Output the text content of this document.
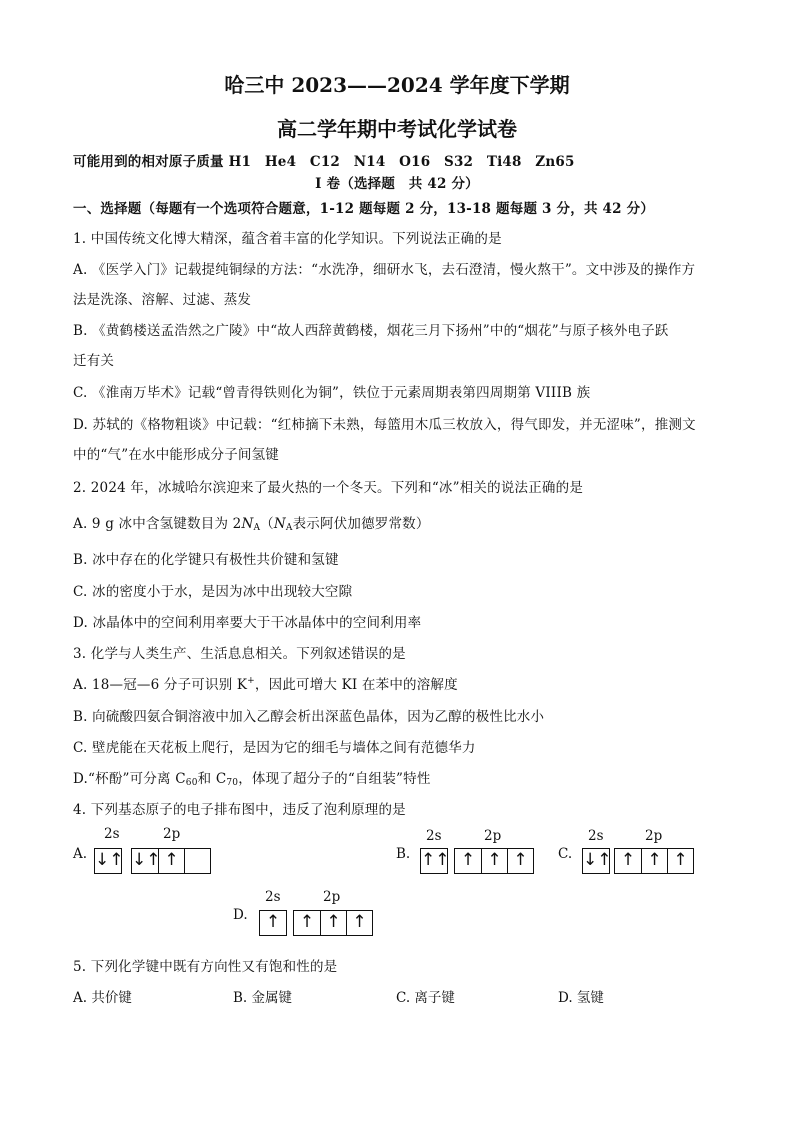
哈三中 2023——2024 学年度下学期
高二学年期中考试化学试卷
可能用到的相对原子质量 H1　He4　C12　N14　O16　S32　Ti48　Zn65
I 卷（选择题　共 42 分）
一、选择题（每题有一个选项符合题意，1-12 题每题 2 分，13-18 题每题 3 分，共 42 分）
1. 中国传统文化博大精深，蕴含着丰富的化学知识。下列说法正确的是
A. 《医学入门》记载提纯铜绿的方法：“水洗净，细研水飞，去石澄清，慢火熬干”。文中涉及的操作方
法是洗涤、溶解、过滤、蒸发
B. 《黄鹤楼送孟浩然之广陵》中“故人西辞黄鹤楼，烟花三月下扬州”中的“烟花”与原子核外电子跃
迁有关
C. 《淮南万毕术》记载“曾青得铁则化为铜”，铁位于元素周期表第四周期第 VIIIB 族
D. 苏轼的《格物粗谈》中记载：“红柿摘下未熟，每篮用木瓜三枚放入，得气即发，并无涩味”，推测文
中的“气”在水中能形成分子间氢键
2. 2024 年，冰城哈尔滨迎来了最火热的一个冬天。下列和“冰”相关的说法正确的是
A. 9 g 冰中含氢键数目为 $2N_A(N_A$表示阿伏加德罗常数）
B. 冰中存在的化学键只有极性共价键和氢键
C. 冰的密度小于水，是因为冰中出现较大空隙
D. 冰晶体中的空间利用率要大于干冰晶体中的空间利用率
3. 化学与人类生产、生活息息相关。下列叙述错误的是
A. 18—冠—6 分子可识别 K+，因此可增大 KI 在苯中的溶解度
B. 向硫酸四氨合铜溶液中加入乙醇会析出深蓝色晶体，因为乙醇的极性比水小
C. 壁虎能在天花板上爬行，是因为它的细毛与墙体之间有范德华力
D.“杯酚”可分离 $C_{60}$和 $C_{70}$，体现了超分子的“自组装”特性
4. 下列基态原子的电子排布图中，违反了泡利原理的是
A.
2s	2p
↓↑ ↓↑ ↑	B.
2s	2p
↑↑ ↑ ↑ ↑	C.
2s	2p
↓↑ ↑ ↑ ↑
D.
2s	2p
↑	↑ ↑ ↑
5. 下列化学键中既有方向性又有饱和性的是
A. 共价键	B. 金属键	C. 离子键	D. 氢键
